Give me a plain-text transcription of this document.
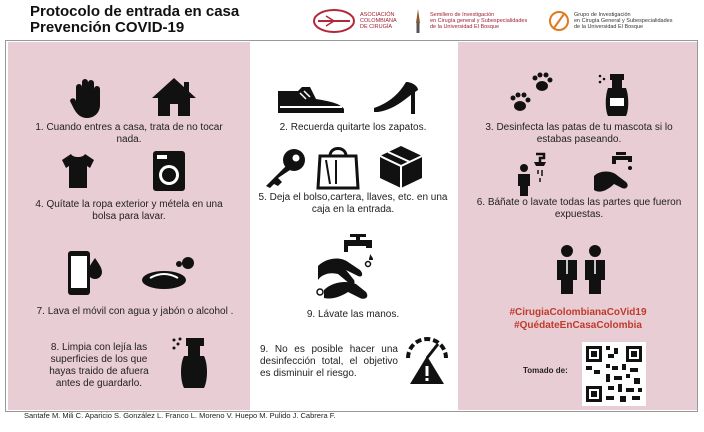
Protocolo de entrada en casa
Prevención COVID-19
ASOCIACIÓN
COLOMBIANA
DE CIRUGÍA
Semillero de Investigación
en Cirugía general y Subespecialidades
de la Universidad El Bosque
Grupo de Investigación
en Cirugía General y Subespecialidades
de la Universidad El Bosque
1. Cuando entres a casa, trata de no tocar nada.
4. Quítate la ropa exterior y métela en una bolsa para lavar.
7. Lava el móvil con agua y jabón o alcohol .
8. Limpia con lejía las superficies de los que hayas traido de afuera antes de guardarlo.
2. Recuerda quitarte los zapatos.
5. Deja el bolso,cartera, llaves, etc. en una caja en la entrada.
9. Lávate las manos.
9. No es posible hacer una desinfección total, el objetivo es disminuir el riesgo.
3. Desinfecta las patas de tu mascota si lo estabas paseando.
6. Báñate o lavate todas las partes que fueron expuestas.
#CirugiaColombianaCoVid19
#QuédateEnCasaColombia
Tomado de:
Santafe M. Mili C. Aparicio S. González L. Franco L. Moreno V. Huepo M. Pulido J. Cabrera F.
